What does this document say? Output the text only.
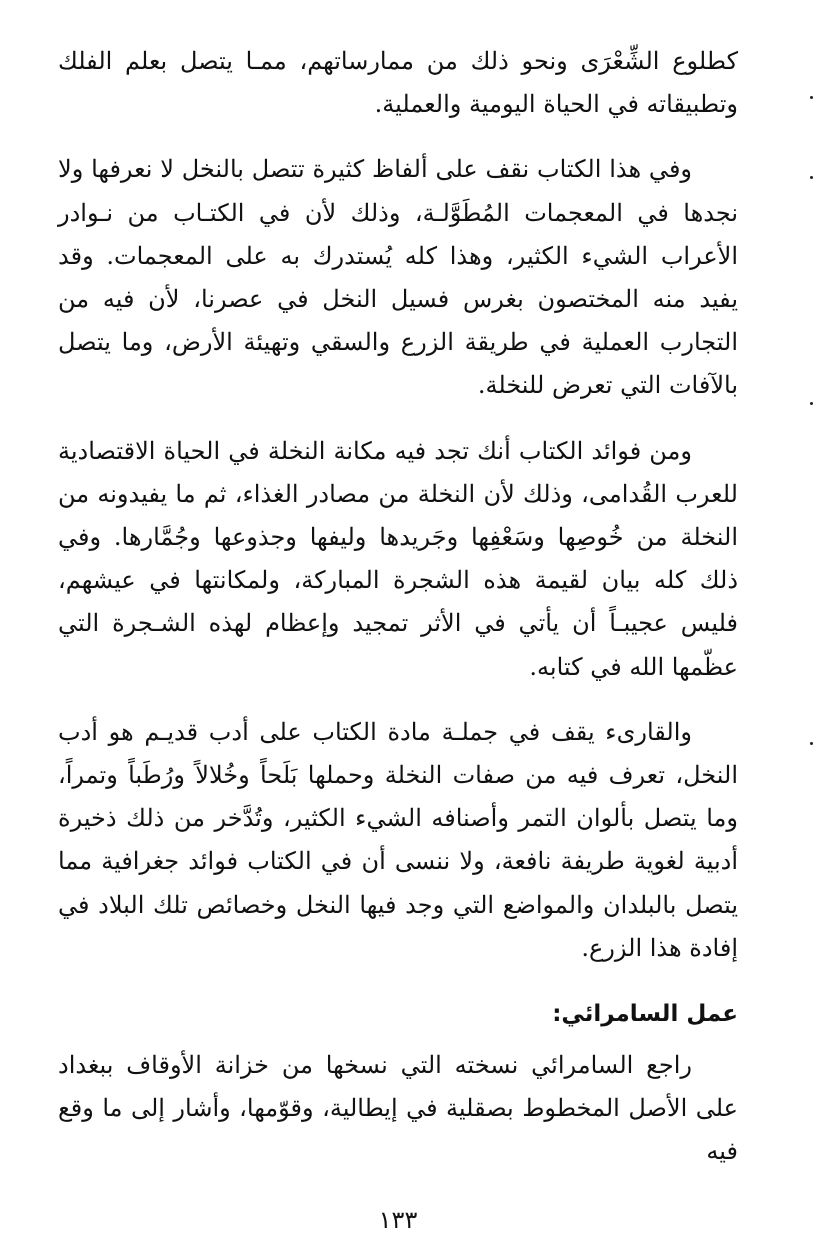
كطلوع الشِّعْرَى ونحو ذلك من ممارساتهم، ممـا يتصل بعلم الفلك وتطبيقاته في الحياة اليومية والعملية.

وفي هذا الكتاب نقف على ألفاظ كثيرة تتصل بالنخل لا نعرفها ولا نجدها في المعجمات المُطَوَّلـة، وذلك لأن في الكتـاب من نـوادر الأعراب الشيء الكثير، وهذا كله يُستدرك به على المعجمات. وقد يفيد منه المختصون بغرس فسيل النخل في عصرنا، لأن فيه من التجارب العملية في طريقة الزرع والسقي وتهيئة الأرض، وما يتصل بالآفات التي تعرض للنخلة.

ومن فوائد الكتاب أنك تجد فيه مكانة النخلة في الحياة الاقتصادية للعرب القُدامى، وذلك لأن النخلة من مصادر الغذاء، ثم ما يفيدونه من النخلة من خُوصِها وسَعْفِها وجَريدها وليفها وجذوعها وجُمَّارها. وفي ذلك كله بيان لقيمة هذه الشجرة المباركة، ولمكانتها في عيشهم، فليس عجيبـاً أن يأتي في الأثر تمجيد وإعظام لهذه الشـجرة التي عظّمها الله في كتابه.

والقارىء يقف في جملـة مادة الكتاب على أدب قديـم هو أدب النخل، تعرف فيه من صفات النخلة وحملها بَلَحاً وخُلالاً ورُطَباً وتمراً، وما يتصل بألوان التمر وأصنافه الشيء الكثير، وتُدَّخر من ذلك ذخيرة أدبية لغوية طريفة نافعة، ولا ننسى أن في الكتاب فوائد جغرافية مما يتصل بالبلدان والمواضع التي وجد فيها النخل وخصائص تلك البلاد في إفادة هذا الزرع.

عمل السامرائي:

راجع السامرائي نسخته التي نسخها من خزانة الأوقاف ببغداد على الأصل المخطوط بصقلية في إيطالية، وقوّمها، وأشار إلى ما وقع فيه

١٣٣
